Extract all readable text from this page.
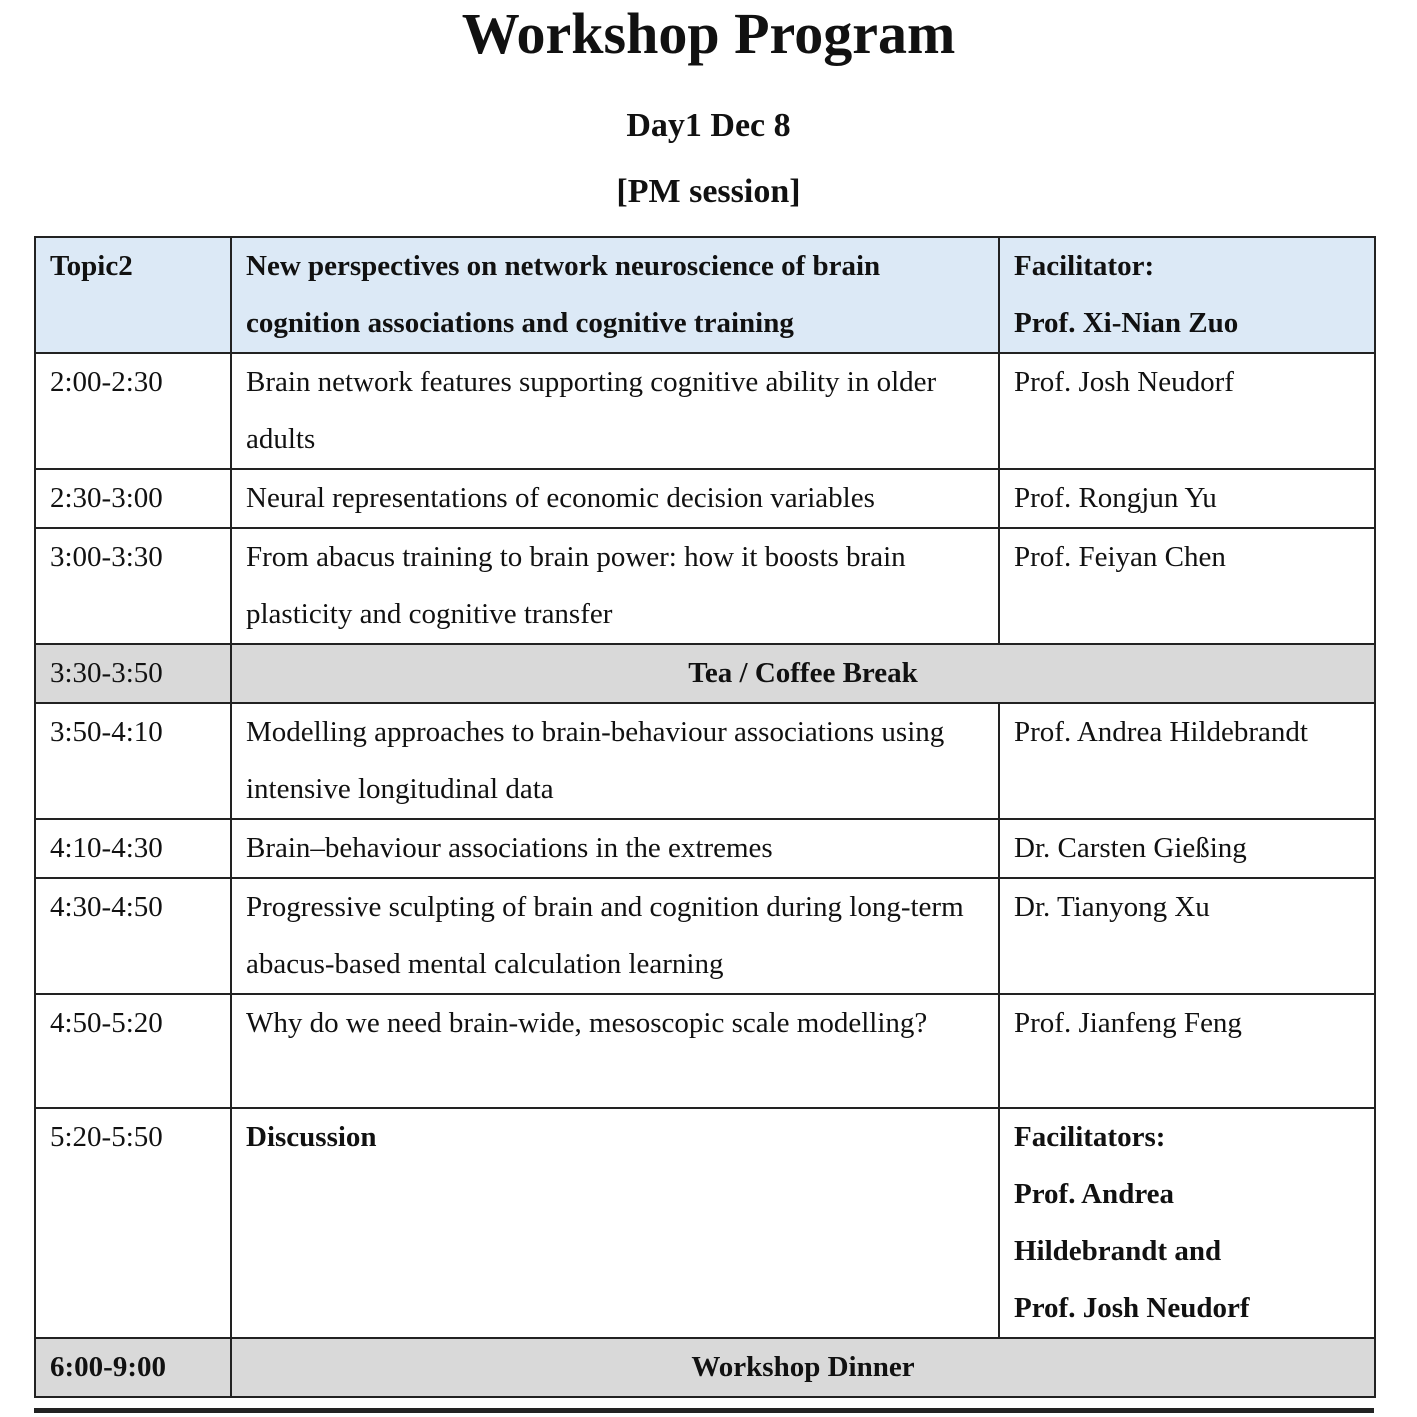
Workshop Program
Day1 Dec 8
[PM session]
Topic2	New perspectives on network neuroscience of brain cognition associations and cognitive training	Facilitator:
Prof. Xi-Nian Zuo

2:00-2:30	Brain network features supporting cognitive ability in older adults	Prof. Josh Neudorf
2:30-3:00	Neural representations of economic decision variables	Prof. Rongjun Yu
3:00-3:30	From abacus training to brain power: how it boosts brain plasticity and cognitive transfer	Prof. Feiyan Chen
3:30-3:50	Tea / Coffee Break	
3:50-4:10	Modelling approaches to brain-behaviour associations using intensive longitudinal data	Prof. Andrea Hildebrandt
4:10-4:30	Brain–behaviour associations in the extremes	Dr. Carsten Gießing
4:30-4:50	Progressive sculpting of brain and cognition during long-term abacus-based mental calculation learning	Dr. Tianyong Xu
4:50-5:20	Why do we need brain-wide, mesoscopic scale modelling?	Prof. Jianfeng Feng
5:20-5:50	Discussion	Facilitators:
Prof. Andrea
Hildebrandt and
Prof. Josh Neudorf

6:00-9:00	Workshop Dinner	
